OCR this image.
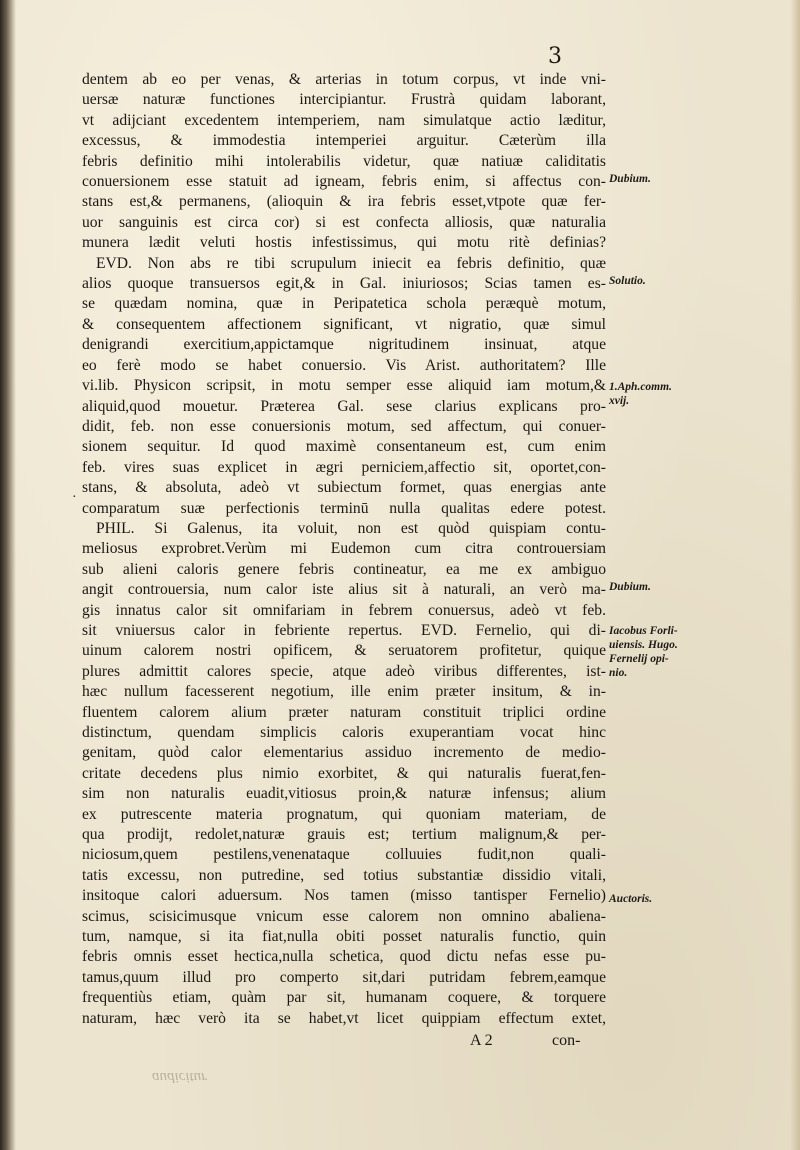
3
dentem ab eo per venas, & arterias in totum corpus, vt inde vni-
uersæ naturæ functiones intercipiantur. Frustrà quidam laborant,
vt adijciant excedentem intemperiem, nam simulatque actio læditur,
excessus, & immodestia intemperiei arguitur. Cæterùm illa
febris definitio mihi intolerabilis videtur, quæ natiuæ caliditatis
conuersionem esse statuit ad igneam, febris enim, si affectus con-
stans est,& permanens, (alioquin & ira febris esset,vtpote quæ fer-
uor sanguinis est circa cor) si est confecta alliosis, quæ naturalia
munera lædit veluti hostis infestissimus, qui motu ritè definias?
EVD. Non abs re tibi scrupulum iniecit ea febris definitio, quæ
alios quoque transuersos egit,& in Gal. iniuriosos; Scias tamen es-
se quædam nomina, quæ in Peripatetica schola peræquè motum,
& consequentem affectionem significant, vt nigratio, quæ simul
denigrandi exercitium,appictamque nigritudinem insinuat, atque
eo ferè modo se habet conuersio. Vis Arist. authoritatem? Ille
vi.lib. Physicon scripsit, in motu semper esse aliquid iam motum,&
aliquid,quod mouetur. Præterea Gal. sese clarius explicans pro-
didit, feb. non esse conuersionis motum, sed affectum, qui conuer-
sionem sequitur. Id quod maximè consentaneum est, cum enim
feb. vires suas explicet in ægri perniciem,affectio sit, oportet,con-
stans, & absoluta, adeò vt subiectum formet, quas energias ante
comparatum suæ perfectionis terminū nulla qualitas edere potest.
PHIL. Si Galenus, ita voluit, non est quòd quispiam contu-
meliosus exprobret.Verùm mi Eudemon cum citra controuersiam
sub alieni caloris genere febris contineatur, ea me ex ambiguo
angit controuersia, num calor iste alius sit à naturali, an verò ma-
gis innatus calor sit omnifariam in febrem conuersus, adeò vt feb.
sit vniuersus calor in febriente repertus. EVD. Fernelio, qui di-
uinum calorem nostri opificem, & seruatorem profitetur, quique
plures admittit calores specie, atque adeò viribus differentes, ist-
hæc nullum facesserent negotium, ille enim præter insitum, & in-
fluentem calorem alium præter naturam constituit triplici ordine
distinctum, quendam simplicis caloris exuperantiam vocat hinc
genitam, quòd calor elementarius assiduo incremento de medio-
critate decedens plus nimio exorbitet, & qui naturalis fuerat,fen-
sim non naturalis euadit,vitiosus proin,& naturæ infensus; alium
ex putrescente materia prognatum, qui quoniam materiam, de
qua prodijt, redolet,naturæ grauis est; tertium malignum,& per-
niciosum,quem pestilens,venenataque colluuies fudit,non quali-
tatis excessu, non putredine, sed totius substantiæ dissidio vitali,
insitoque calori aduersum. Nos tamen (misso tantisper Fernelio)
scimus, scisicimusque vnicum esse calorem non omnino abaliena-
tum, namque, si ita fiat,nulla obiti posset naturalis functio, quin
febris omnis esset hectica,nulla schetica, quod dictu nefas esse pu-
tamus,quum illud pro comperto sit,dari putridam febrem,eamque
frequentiùs etiam, quàm par sit, humanam coquere, & torquere
naturam, hæc verò ita se habet,vt licet quippiam effectum extet,
·
Dubium.
Solutio.
1.Aph.comm.
xvij.
Dubium.
Iacobus Forli-
uiensis. Hugo.
Fernelij opi-
nio.
Auctoris.
A 2	con-
audicitur
